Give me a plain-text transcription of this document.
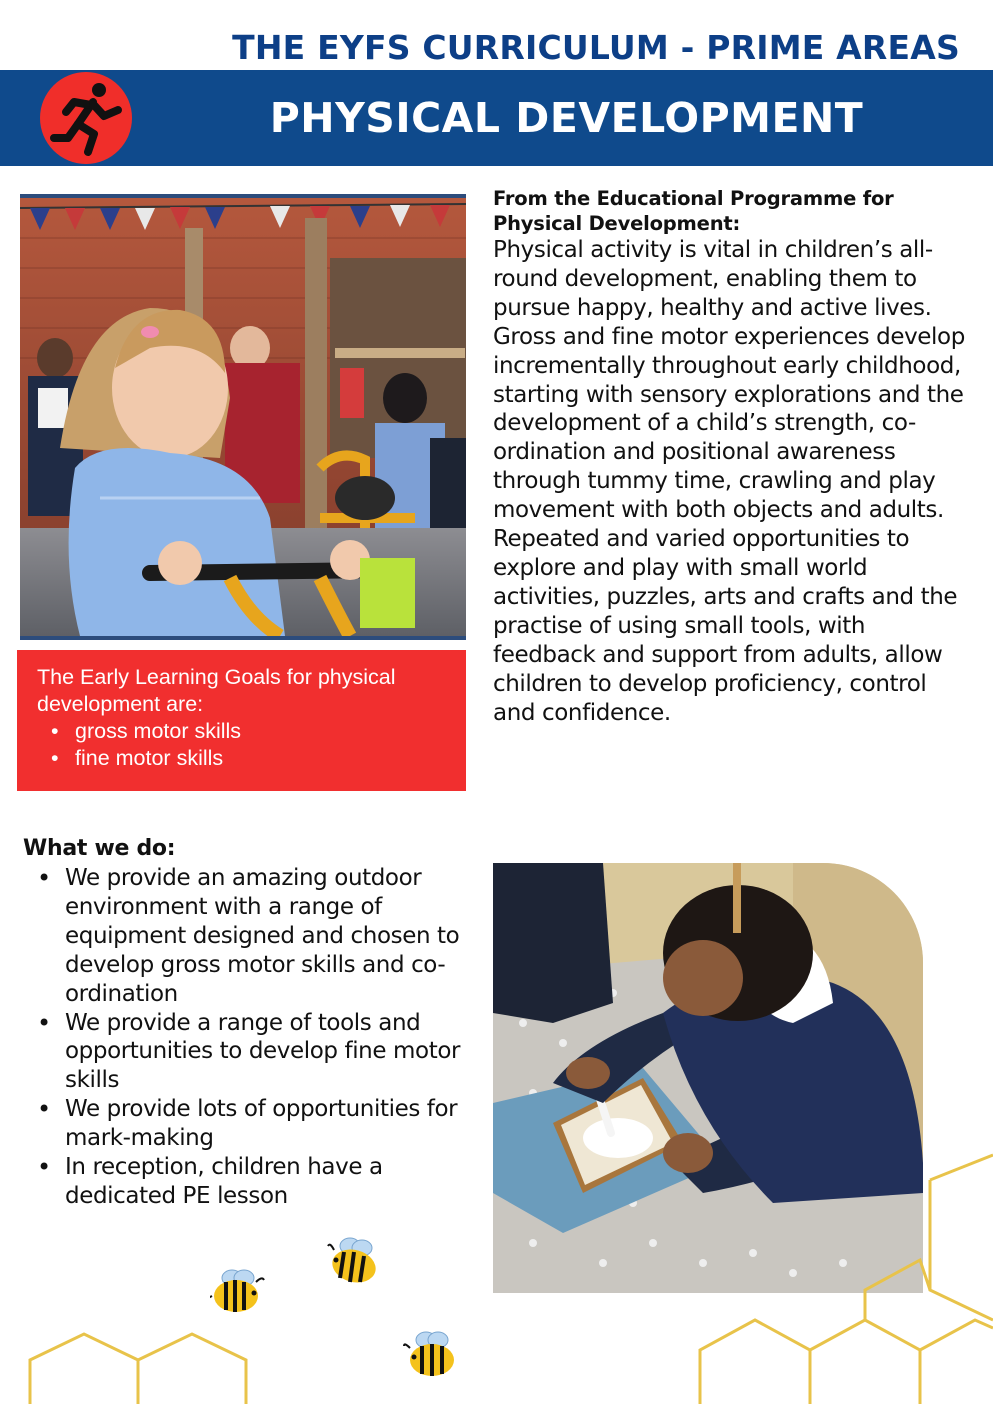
THE EYFS CURRICULUM - PRIME AREAS
PHYSICAL DEVELOPMENT
The Early Learning Goals for physical development are:
• gross motor skills
• fine motor skills
From the Educational Programme for Physical Development:

Physical activity is vital in children’s all-round development, enabling them to pursue happy, healthy and active lives. Gross and fine motor experiences develop incrementally throughout early childhood, starting with sensory explorations and the development of a child’s strength, co-ordination and positional awareness through tummy time, crawling and play movement with both objects and adults. Repeated and varied opportunities to explore and play with small world activities, puzzles, arts and crafts and the practise of using small tools, with feedback and support from adults, allow children to develop proficiency, control and confidence.

What we do:
• We provide an amazing outdoor environment with a range of equipment designed and chosen to develop gross motor skills and co-ordination
• We provide a range of tools and opportunities to develop fine motor skills
• We provide lots of opportunities for mark-making
• In reception, children have a dedicated PE lesson
